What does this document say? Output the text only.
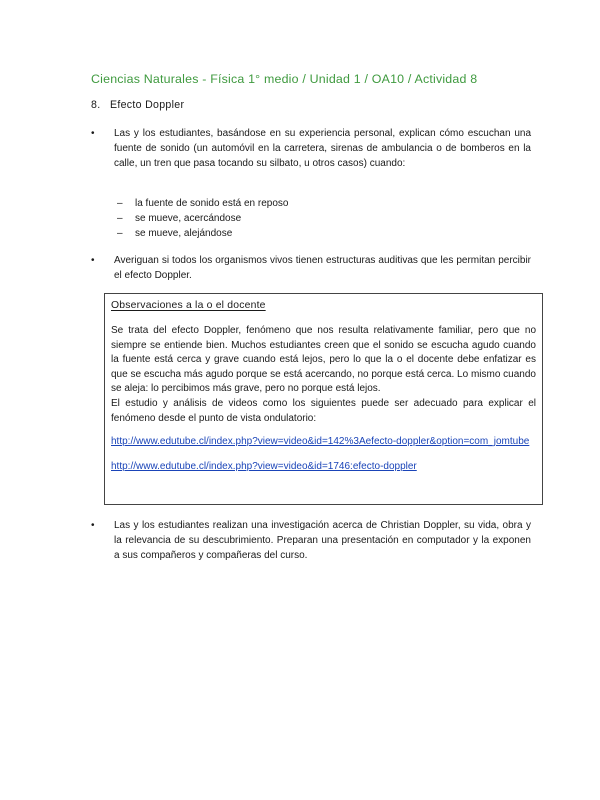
Ciencias Naturales - Física 1° medio / Unidad 1 / OA10 / Actividad 8
8. Efecto Doppler
•	Las y los estudiantes, basándose en su experiencia personal, explican cómo escuchan una fuente de sonido (un automóvil en la carretera, sirenas de ambulancia o de bomberos en la calle, un tren que pasa tocando su silbato, u otros casos) cuando:
– la fuente de sonido está en reposo
– se mueve, acercándose
– se mueve, alejándose
•	Averiguan si todos los organismos vivos tienen estructuras auditivas que les permitan percibir el efecto Doppler.
Observaciones a la o el docente
Se trata del efecto Doppler, fenómeno que nos resulta relativamente familiar, pero que no siempre se entiende bien. Muchos estudiantes creen que el sonido se escucha agudo cuando la fuente está cerca y grave cuando está lejos, pero lo que la o el docente debe enfatizar es que se escucha más agudo porque se está acercando, no porque está cerca. Lo mismo cuando se aleja: lo percibimos más grave, pero no porque está lejos.
El estudio y análisis de videos como los siguientes puede ser adecuado para explicar el fenómeno desde el punto de vista ondulatorio:
http://www.edutube.cl/index.php?view=video&id=142%3Aefecto-doppler&option=com_jomtube
http://www.edutube.cl/index.php?view=video&id=1746:efecto-doppler
•	Las y los estudiantes realizan una investigación acerca de Christian Doppler, su vida, obra y la relevancia de su descubrimiento. Preparan una presentación en computador y la exponen a sus compañeros y compañeras del curso.
